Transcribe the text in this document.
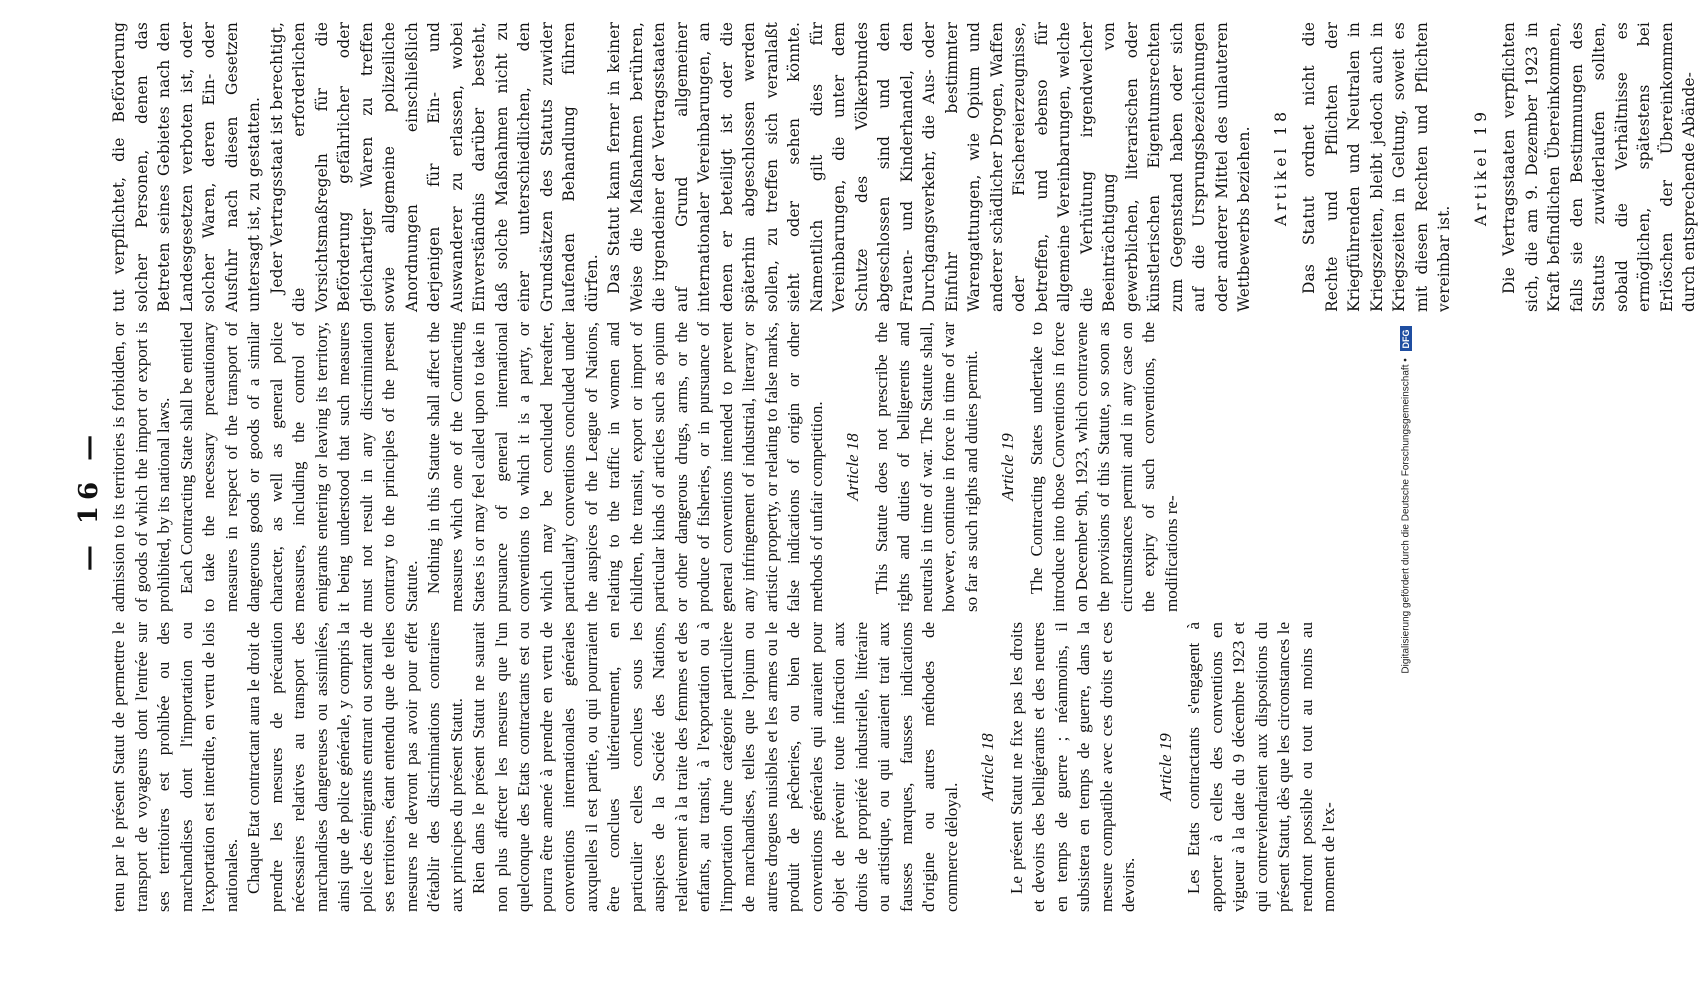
— 16 —

tenu par le présent Statut de permettre le transport de voyageurs dont l'entrée sur ses territoires est prohibée ou des marchandises dont l'importation ou l'exportation est interdite, en vertu de lois nationales. Chaque Etat contractant aura le droit de prendre les mesures de précaution nécessaires relatives au transport des marchandises dangereuses ou assimilées, ainsi que de police générale, y compris la police des émigrants entrant ou sortant de ses territoires, étant entendu que de telles mesures ne devront pas avoir pour effet d'établir des discriminations contraires aux principes du présent Statut. Rien dans le présent Statut ne saurait non plus affecter les mesures que l'un quelconque des Etats contractants est ou pourra être amené à prendre en vertu de conventions internationales générales auxquelles il est partie, ou qui pourraient être conclues ultérieurement, en particulier celles conclues sous les auspices de la Société des Nations, relativement à la traite des femmes et des enfants, au transit, à l'exportation ou à l'importation d'une catégorie particulière de marchandises, telles que l'opium ou autres drogues nuisibles et les armes ou le produit de pêcheries, ou bien de conventions générales qui auraient pour objet de prévenir toute infraction aux droits de propriété industrielle, littéraire ou artistique, ou qui auraient trait aux fausses marques, fausses indications d'origine ou autres méthodes de commerce déloyal.

Article 18 Le présent Statut ne fixe pas les droits et devoirs des belligérants et des neutres en temps de guerre ; néanmoins, il subsistera en temps de guerre, dans la mesure compatible avec ces droits et ces devoirs.

Article 19 Les Etats contractants s'engagent à apporter à celles des conventions en vigueur à la date du 9 décembre 1923 et qui contreviendraient aux dispositions du présent Statut, dès que les circonstances le rendront possible ou tout au moins au moment de l'ex-

admission to its territories is forbidden, or of goods of which the import or export is prohibited, by its national laws. Each Contracting State shall be entitled to take the necessary precautionary measures in respect of the transport of dangerous goods or goods of a similar character, as well as general police measures, including the control of emigrants entering or leaving its territory, it being understood that such measures must not result in any discrimination contrary to the principles of the present Statute. Nothing in this Statute shall affect the measures which one of the Contracting States is or may feel called upon to take in pursuance of general international conventions to which it is a party, or which may be concluded hereafter, particularly conventions concluded under the auspices of the League of Nations, relating to the traffic in women and children, the transit, export or import of particular kinds of articles such as opium or other dangerous drugs, arms, or the produce of fisheries, or in pursuance of general conventions intended to prevent any infringement of industrial, literary or artistic property, or relating to false marks, false indications of origin or other methods of unfair competition. Article 18 This Statute does not prescribe the rights and duties of belligerents and neutrals in time of war. The Statute shall, however, continue in force in time of war so far as such rights and duties permit. Article 19 The Contracting States undertake to introduce into those Conventions in force on December 9th, 1923, which contravene the provisions of this Statute, so soon as circumstances permit and in any case on the expiry of such conventions, the modifications re-

tut verpflichtet, die Beförderung solcher Personen, denen das Betreten seines Gebietes nach den Landesgesetzen verboten ist, oder solcher Waren, deren Ein- oder Ausfuhr nach diesen Gesetzen untersagt ist, zu gestatten. Jeder Vertragsstaat ist berechtigt, die erforderlichen Vorsichtsmaßregeln für die Beförderung gefährlicher oder gleichartiger Waren zu treffen sowie allgemeine polizeiliche Anordnungen einschließlich derjenigen für Ein- und Auswanderer zu erlassen, wobei Einverständnis darüber besteht, daß solche Maßnahmen nicht zu einer unterschiedlichen, den Grundsätzen des Statuts zuwider laufenden Behandlung führen dürfen. Das Statut kann ferner in keiner Weise die Maßnahmen berühren, die irgendeiner der Vertragsstaaten auf Grund allgemeiner internationaler Vereinbarungen, an denen er beteiligt ist oder die späterhin abgeschlossen werden sollen, zu treffen sich veranlaßt sieht oder sehen könnte. Namentlich gilt dies für Vereinbarungen, die unter dem Schutze des Völkerbundes abgeschlossen sind und den Frauen- und Kinderhandel, den Durchgangsverkehr, die Aus- oder Einfuhr bestimmter Warengattungen, wie Opium und anderer schädlicher Drogen, Waffen oder Fischereierzeugnisse, betreffen, und ebenso für allgemeine Vereinbarungen, welche die Verhütung irgendwelcher Beeinträchtigung von gewerblichen, literarischen oder künstlerischen Eigentumsrechten zum Gegenstand haben oder sich auf die Ursprungsbezeichnungen oder anderer Mittel des unlauteren Wettbewerbs beziehen. Artikel 18 Das Statut ordnet nicht die Rechte und Pflichten der Kriegführenden und Neutralen in Kriegszeiten, bleibt jedoch auch in Kriegszeiten in Geltung, soweit es mit diesen Rechten und Pflichten vereinbar ist.

Artikel 19 Die Vertragsstaaten verpflichten sich, die am 9. Dezember 1923 in Kraft befindlichen Übereinkommen, falls sie den Bestimmungen des Statuts zuwiderlaufen sollten, sobald die Verhältnisse es ermöglichen, spätestens bei Erlöschen der Übereinkommen durch entsprechende Abände-

Digitalisierung gefördert durch die Deutsche Forschungsgemeinschaft • DFG
